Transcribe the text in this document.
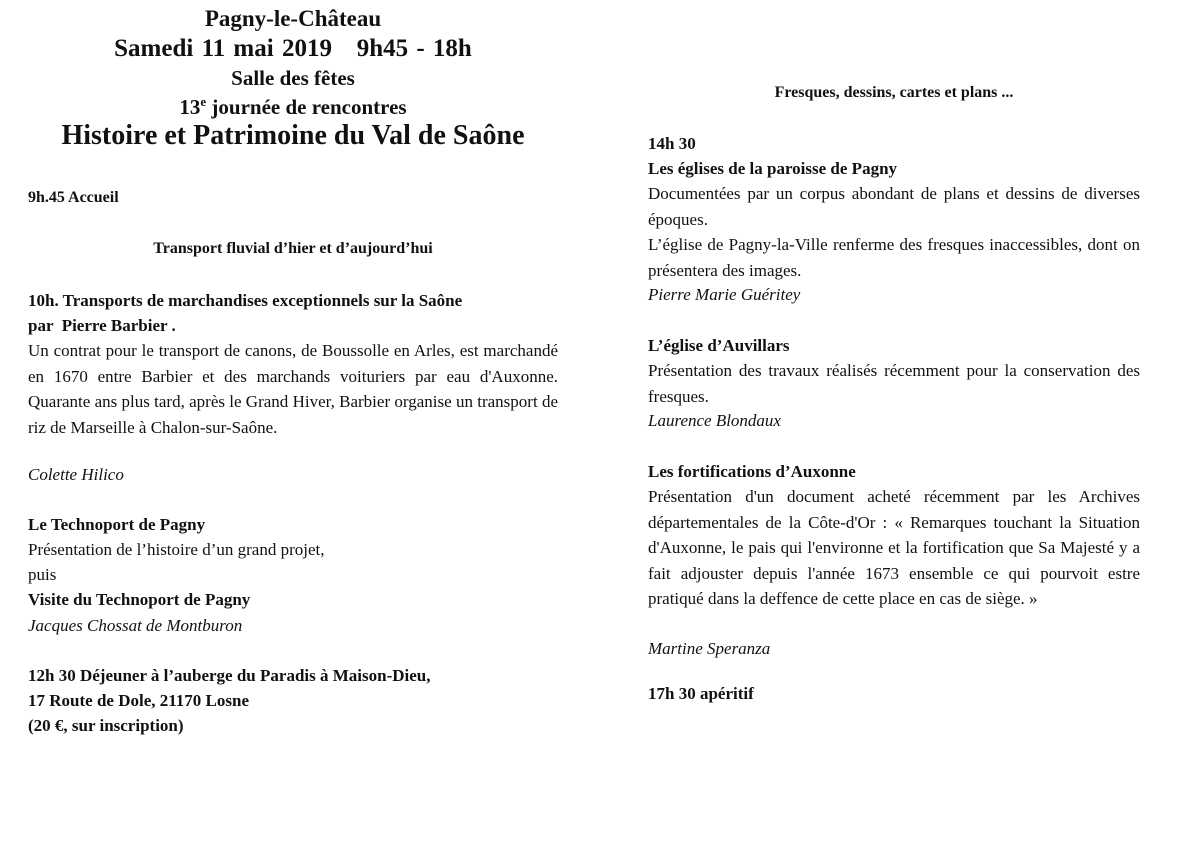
Pagny-le-Château
Samedi 11 mai 2019   9h45 - 18h
Salle des fêtes
13e journée de rencontres
Histoire et Patrimoine du Val de Saône
9h.45 Accueil
Transport fluvial d’hier et d’aujourd’hui
10h. Transports de marchandises exceptionnels sur la Saône
par  Pierre Barbier .
Un contrat pour le transport de canons, de Boussolle en Arles, est marchandé en 1670 entre Barbier et des marchands voituriers par eau d'Auxonne. Quarante ans plus tard, après le Grand Hiver, Barbier organise un transport de riz de Marseille à Chalon-sur-Saône.
Colette Hilico
Le Technoport de Pagny
Présentation de l’histoire d’un grand projet,
puis
Visite du Technoport de Pagny
Jacques Chossat de Montburon
12h 30 Déjeuner à l’auberge du Paradis à Maison-Dieu,
17 Route de Dole, 21170 Losne
(20 €, sur inscription)
Fresques, dessins, cartes et plans ...
14h 30
Les églises de la paroisse de Pagny
Documentées par un corpus abondant de plans et dessins de diverses époques.
L’église de Pagny-la-Ville renferme des fresques inaccessibles, dont on présentera des images.
Pierre Marie Guéritey
L’église d’Auvillars
Présentation des travaux réalisés récemment pour la conservation des fresques.
Laurence Blondaux
Les fortifications d’Auxonne
Présentation d'un document acheté récemment par les Archives départementales de la Côte-d'Or : « Remarques touchant la Situation d'Auxonne, le pais qui l'environne et la fortification que Sa Majesté y a fait adjouster depuis l'année 1673 ensemble ce qui pourvoit estre pratiqué dans la deffence de cette place en cas de siège. »
Martine Speranza
17h 30 apéritif
